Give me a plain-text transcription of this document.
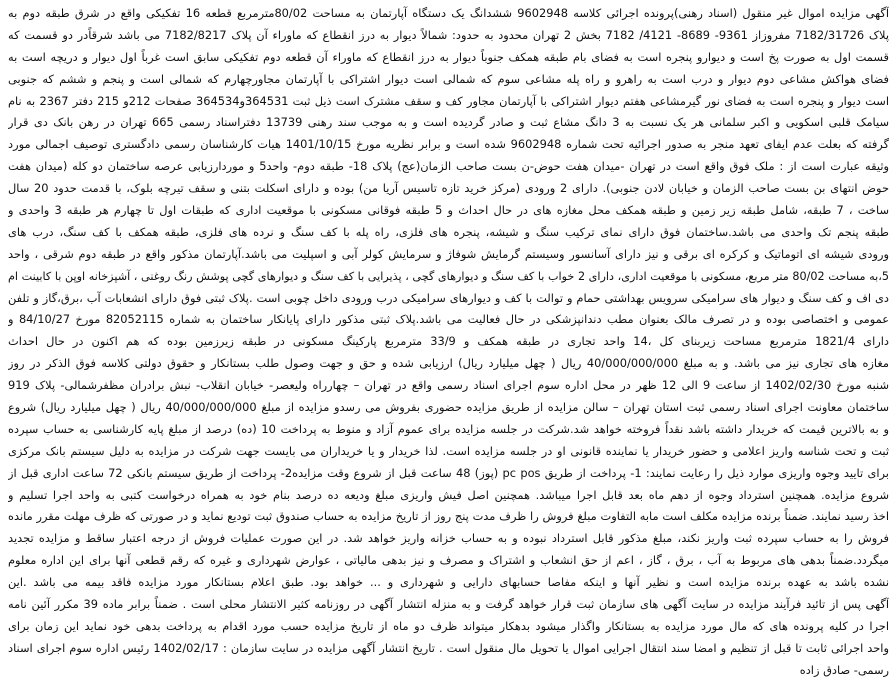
آگهی مزایده اموال غیر منقول (اسناد رهنی)پرونده اجرائی کلاسه 9602948 ششدانگ یک دستگاه آپارتمان به مساحت 80/02مترمربع قطعه 16 تفکیکی واقع در شرق طبقه دوم به
پلاک 7182/31726 مفروزاز 9361- 8689- 4121/ 7182 بخش 2 تهران محدود به حدود: شمالاً دیوار به درز انقطاع که ماوراء آن پلاک 7182/8217 می باشد شرقاًدر دو قسمت که
قسمت اول به صورت پخ است و دیوارو پنجره است به فضای بام طبقه همکف جنوباً دیوار به درز انقطاع که ماوراء آن قطعه دوم تفکیکی سابق است غرباً اول دیوار و دریچه است به
فضای هواکش مشاعی دوم دیوار و درب است به راهرو و راه پله مشاعی سوم که شمالی است دیوار اشتراکی با آپارتمان مجاورچهارم که شمالی است و پنجم و ششم که جنوبی
است دیوار و پنجره است به فضای نور گیرمشاعی هفتم دیوار اشتراکی با آپارتمان مجاور کف و سقف مشترک است ذیل ثبت 364531و364534 صفحات 212و 215 دفتر 2367 به نام
سیامک قلبی اسکویی و اکبر سلمانی هر یک نسبت به 3 دانگ مشاع ثبت و صادر گردیده است و به موجب سند رهنی 13739 دفتراسناد رسمی 665 تهران در رهن بانک دی قرار
گرفته که بعلت عدم ایفای تعهد منجر به صدور اجرائیه تحت شماره 9602948 شده است و برابر نظریه مورخ 1401/10/15 هیات کارشناسان رسمی دادگستری توصیف اجمالی مورد
وثیقه عبارت است از : ملک فوق واقع است در تهران -میدان هفت حوض-ن بست صاحب الزمان(عج) پلاک 18- طبقه دوم- واحد5 و موردارزیابی عرصه ساختمان دو کله (میدان هفت
حوض انتهای بن بست صاحب الزمان و خیابان لادن جنوبی). دارای 2 ورودی (مرکز خرید تازه تاسیس آریا من) بوده و دارای اسکلت بتنی و سقف تیرچه بلوک، با قدمت حدود 20 سال
ساخت ، 7 طبقه، شامل طبقه زیر زمین و طبقه همکف محل مغازه های در حال احداث و 5 طبقه فوقانی مسکونی با موقعیت اداری که طبقات اول تا چهارم هر طبقه 3 واحدی و
طبقه پنجم تک واحدی می باشد.ساختمان فوق دارای نمای ترکیب سنگ و شیشه، پنجره های فلزی، راه پله با کف سنگ و نرده های فلزی، طبقه همکف با کف سنگ، درب های
ورودی شیشه ای اتوماتیک و کرکره ای برقی و نیز دارای آسانسور وسیستم گرمایش شوفاژ و سرمایش کولر آبی و اسپلیت می باشد.آپارتمان مذکور واقع در طبقه دوم شرقی ، واحد
5،به مساحت 80/02 متر مربع، مسکونی با موقعیت اداری، دارای 2 خواب با کف سنگ و دیوارهای گچی ، پذیرایی با کف سنگ و دیوارهای گچی پوشش رنگ روغنی ، آشپزخانه اوپن با کابینت ام
دی اف و کف سنگ و دیوار های سرامیکی سرویس بهداشتی حمام و توالت با کف و دیوارهای سرامیکی درب ورودی داخل چوبی است .پلاک ثبتی فوق دارای انشعابات آب ،برق،گاز و تلفن
عمومی و اختصاصی بوده و در تصرف مالک بعنوان مطب دندانپزشکی در حال فعالیت می باشد.پلاک ثبتی مذکور دارای پایانکار ساختمان به شماره 82052115 مورخ 84/10/27 و
دارای 1821/4 مترمربع مساحت زیربنای کل ،14 واحد تجاری در طبقه همکف و 33/9 مترمربع پارکینگ مسکونی در طبقه زیرزمین بوده که هم اکنون در حال احداث
مغازه های تجاری نیز می باشد. و به مبلغ 40/000/000/000 ریال ( چهل میلیارد ریال) ارزیابی شده و حق و جهت وصول طلب بستانکار و حقوق دولتی کلاسه فوق الذکر در روز
شنبه مورخ 1402/02/30 از ساعت 9 الی 12 ظهر در محل اداره سوم اجرای اسناد رسمی واقع در تهران – چهارراه ولیعصر- خیابان انقلاب- نبش برادران مظفرشمالی- پلاک 919
ساختمان معاونت اجرای اسناد رسمی ثبت استان تهران – سالن مزایده از طریق مزایده حضوری بفروش می رسدو مزایده از مبلغ 40/000/000/000 ریال ( چهل میلیارد ریال) شروع
و به بالاترین قیمت که خریدار داشته باشد نقداً فروخته خواهد شد.شرکت در جلسه مزایده برای عموم آزاد و منوط به پرداخت 10 (ده) درصد از مبلغ پایه کارشناسی به حساب سپرده
ثبت و تحت شناسه واریز اعلامی و حضور خریدار یا نماینده قانونی او در جلسه مزایده است. لذا خریدار و یا خریداران می بایست جهت شرکت در مزایده به دلیل سیستم بانک مرکزی
برای تایید وجوه واریزی موارد ذیل را رعایت نمایند: 1- پرداخت از طریق pc pos (پوز) 48 ساعت قبل از شروع وقت مزایده2- پرداخت از طریق سیستم بانکی 72 ساعت اداری قبل از
شروع مزایده. همچنین استرداد وجوه از دهم ماه بعد قابل اجرا میباشد. همچنین اصل فیش واریزی مبلغ ودیعه ده درصد بنام خود به همراه درخواست کتبی به واحد اجرا تسلیم و
اخذ رسید نمایند. ضمناً برنده مزایده مکلف است مابه التفاوت مبلغ فروش را ظرف مدت پنج روز از تاریخ مزایده به حساب صندوق ثبت تودیع نماید و در صورتی که ظرف مهلت مقرر مانده
فروش را به حساب سپرده ثبت واریز نکند، مبلغ مذکور قابل استرداد نبوده و به حساب خزانه واریز خواهد شد. در این صورت عملیات فروش از درجه اعتبار ساقط و مزایده تجدید
میگردد.ضمناً بدهی های مربوط به آب ، برق ، گاز ، اعم از حق انشعاب و اشتراک و مصرف و نیز بدهی مالیاتی ، عوارض شهرداری و غیره که رقم قطعی آنها برای این اداره معلوم
نشده باشد به عهده برنده مزایده است و نظیر آنها و اینکه مفاصا حسابهای دارایی و شهرداری و ... خواهد بود. طبق اعلام بستانکار مورد مزایده فاقد بیمه می باشد .این
آگهی پس از تائید فرآیند مزایده در سایت آگهی های سازمان ثبت قرار خواهد گرفت و به منزله انتشار آگهی در روزنامه کثیر الانتشار محلی است . ضمناً برابر ماده 39 مکرر آئین نامه
اجرا در کلیه پرونده های که مال مورد مزایده به بستانکار واگذار میشود بدهکار میتواند ظرف دو ماه از تاریخ مزایده حسب مورد اقدام به پرداخت بدهی خود نماید این زمان برای
واحد اجرائی ثابت تا قبل از تنظیم و امضا سند انتقال اجرایی اموال یا تحویل مال منقول است . تاریخ انتشار آگهی مزایده در سایت سازمان : 1402/02/17 رئیس اداره سوم اجرای اسناد
رسمی- صادق زاده
